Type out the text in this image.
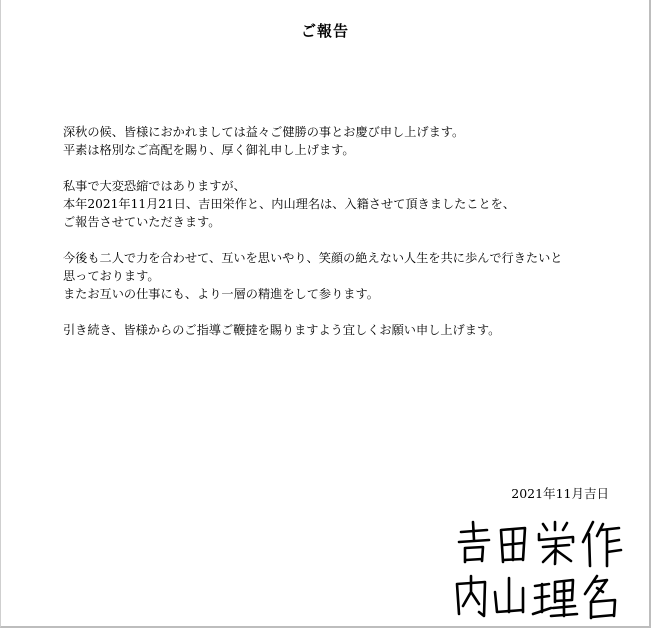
ご報告
深秋の候、皆様におかれましては益々ご健勝の事とお慶び申し上げます。
平素は格別なご高配を賜り、厚く御礼申し上げます。
私事で大変恐縮ではありますが、
本年2021年11月21日、吉田栄作と、内山理名は、入籍させて頂きましたことを、
ご報告させていただきます。
今後も二人で力を合わせて、互いを思いやり、笑顔の絶えない人生を共に歩んで行きたいと
思っております。
またお互いの仕事にも、より一層の精進をして参ります。
引き続き、皆様からのご指導ご鞭撻を賜りますよう宜しくお願い申し上げます。
2021年11月吉日
